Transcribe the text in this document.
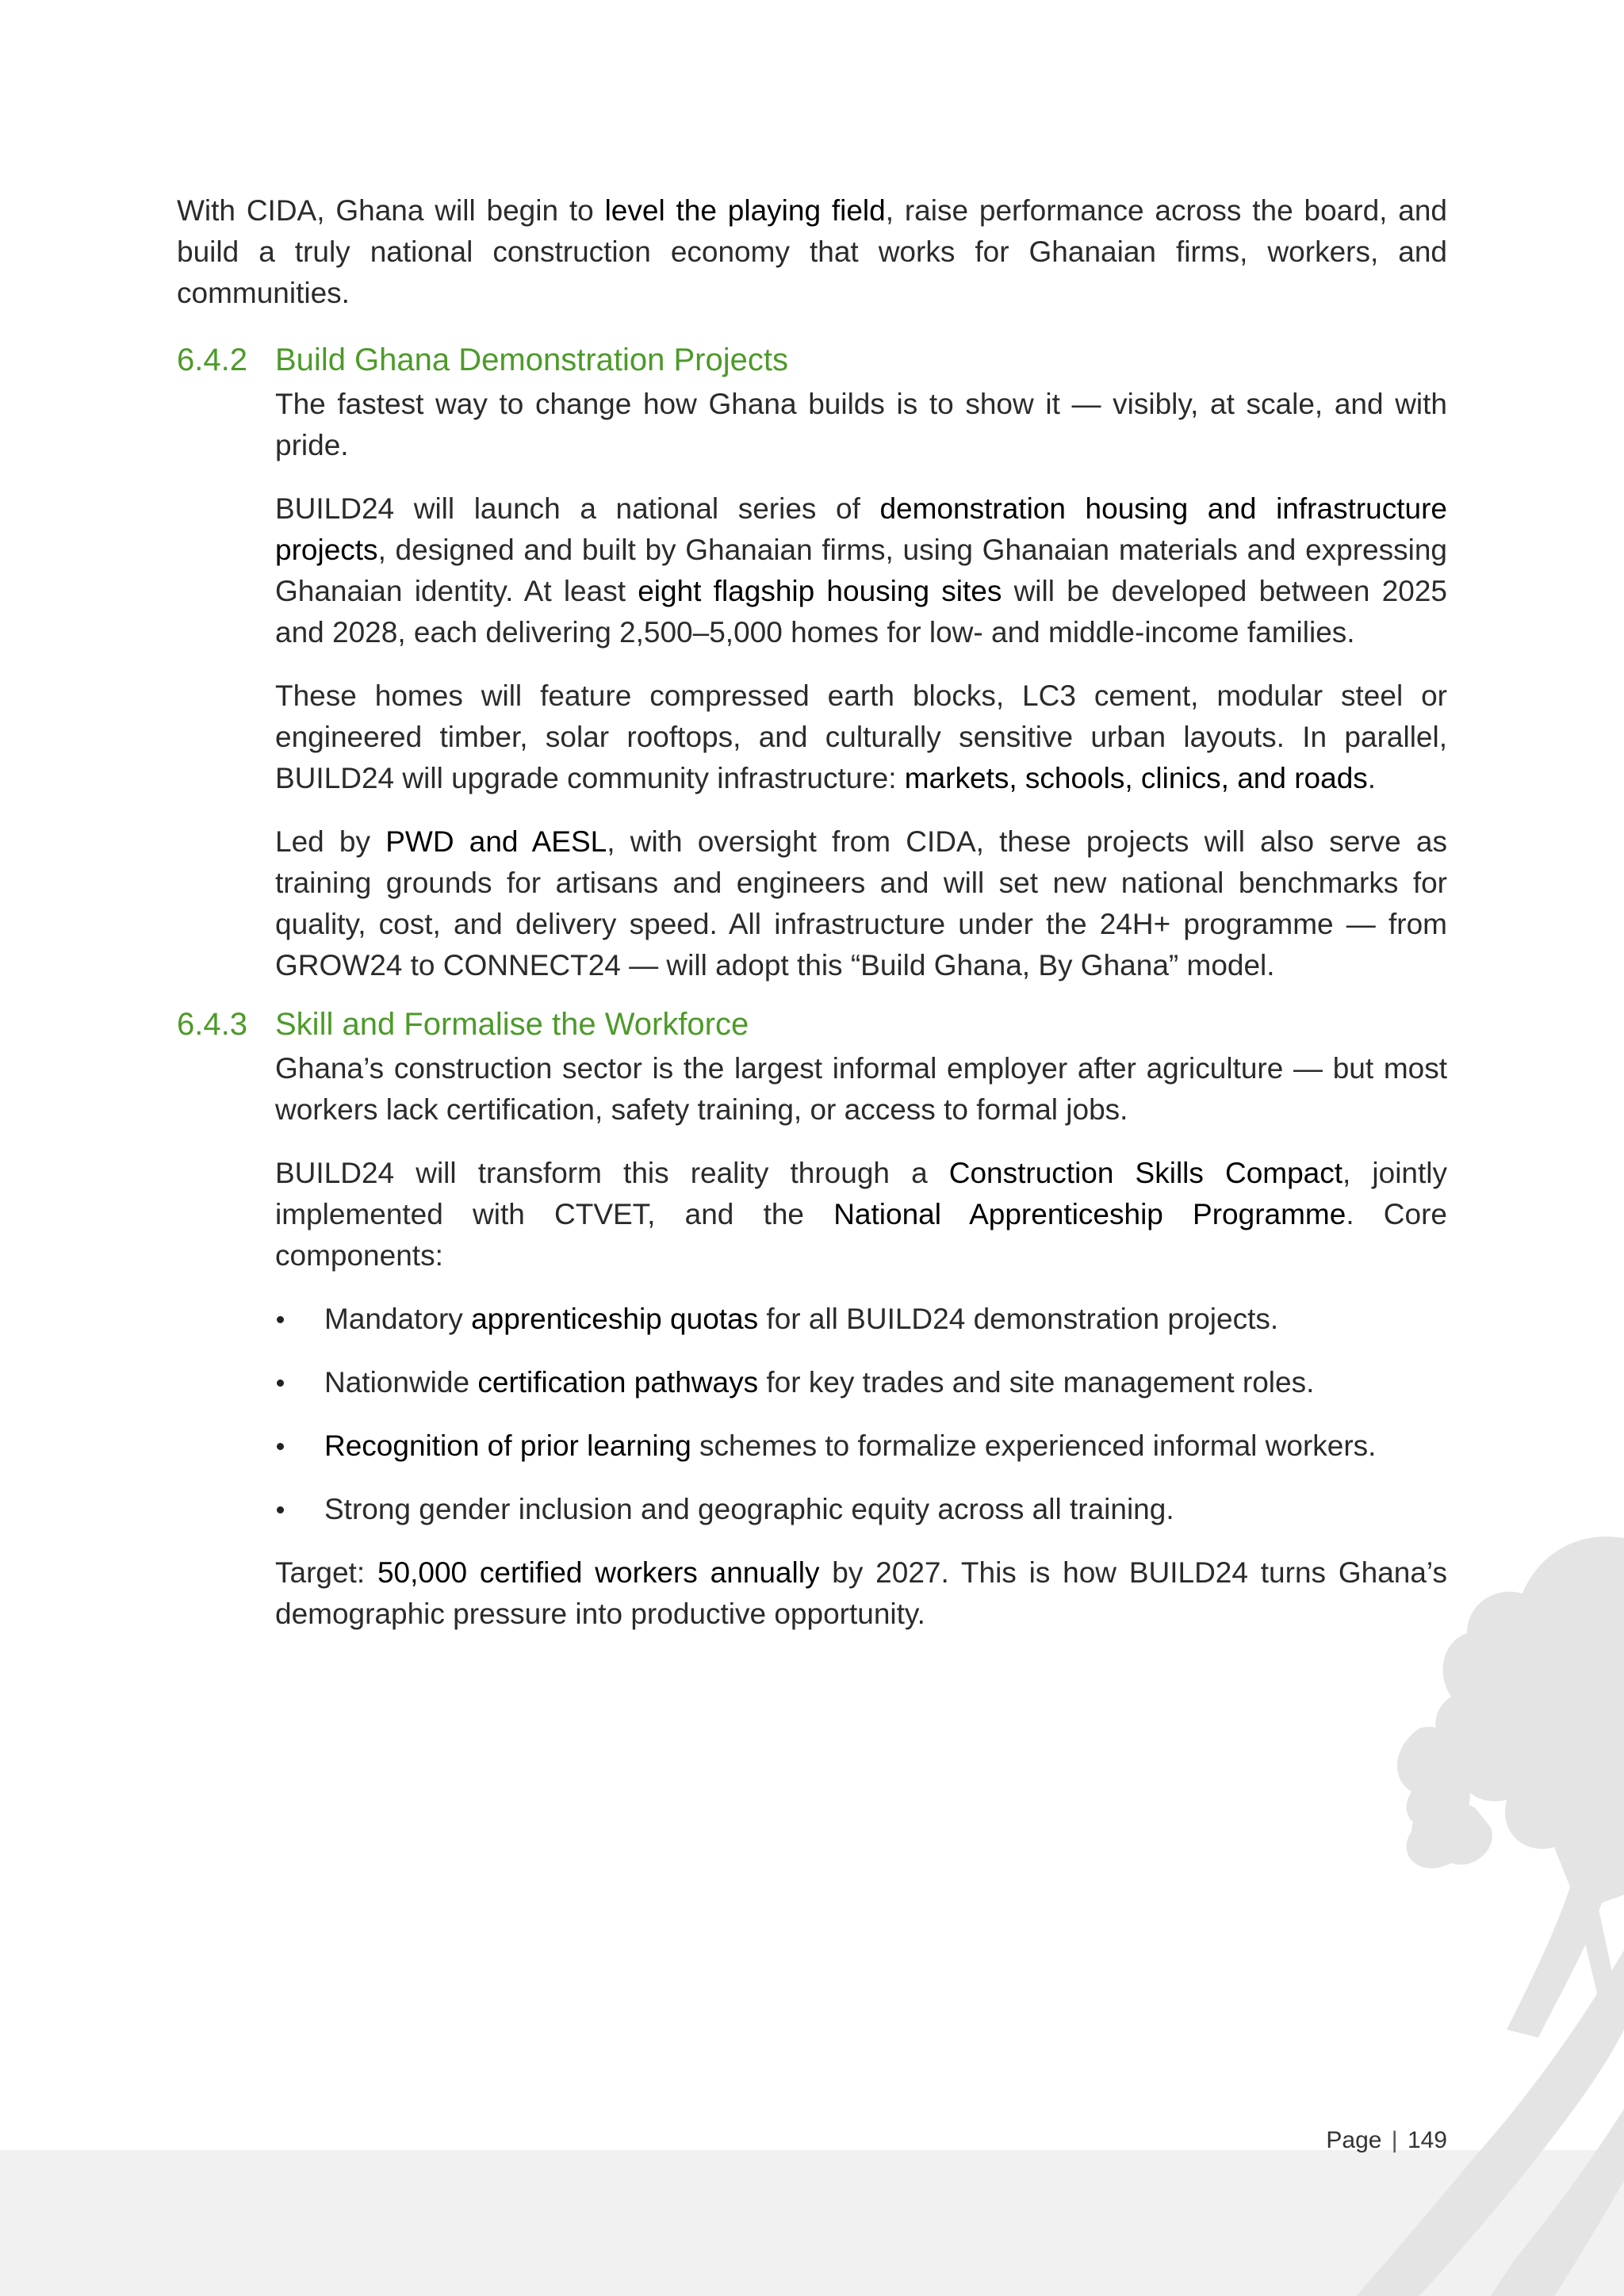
With CIDA, Ghana will begin to level the playing field, raise performance across the board, and build a truly national construction economy that works for Ghanaian firms, workers, and communities.

6.4.2 Build Ghana Demonstration Projects

The fastest way to change how Ghana builds is to show it — visibly, at scale, and with pride.

BUILD24 will launch a national series of demonstration housing and infrastructure projects, designed and built by Ghanaian firms, using Ghanaian materials and expressing Ghanaian identity. At least eight flagship housing sites will be developed between 2025 and 2028, each delivering 2,500–5,000 homes for low- and middle-income families.

These homes will feature compressed earth blocks, LC3 cement, modular steel or engineered timber, solar rooftops, and culturally sensitive urban layouts. In parallel, BUILD24 will upgrade community infrastructure: markets, schools, clinics, and roads.

Led by PWD and AESL, with oversight from CIDA, these projects will also serve as training grounds for artisans and engineers and will set new national benchmarks for quality, cost, and delivery speed. All infrastructure under the 24H+ programme — from GROW24 to CONNECT24 — will adopt this “Build Ghana, By Ghana” model.

6.4.3 Skill and Formalise the Workforce

Ghana’s construction sector is the largest informal employer after agriculture — but most workers lack certification, safety training, or access to formal jobs.

BUILD24 will transform this reality through a Construction Skills Compact, jointly implemented with CTVET, and the National Apprenticeship Programme. Core components:

Mandatory apprenticeship quotas for all BUILD24 demonstration projects.
Nationwide certification pathways for key trades and site management roles.
Recognition of prior learning schemes to formalize experienced informal workers.
Strong gender inclusion and geographic equity across all training.

Target: 50,000 certified workers annually by 2027. This is how BUILD24 turns Ghana’s demographic pressure into productive opportunity.

Page | 149
